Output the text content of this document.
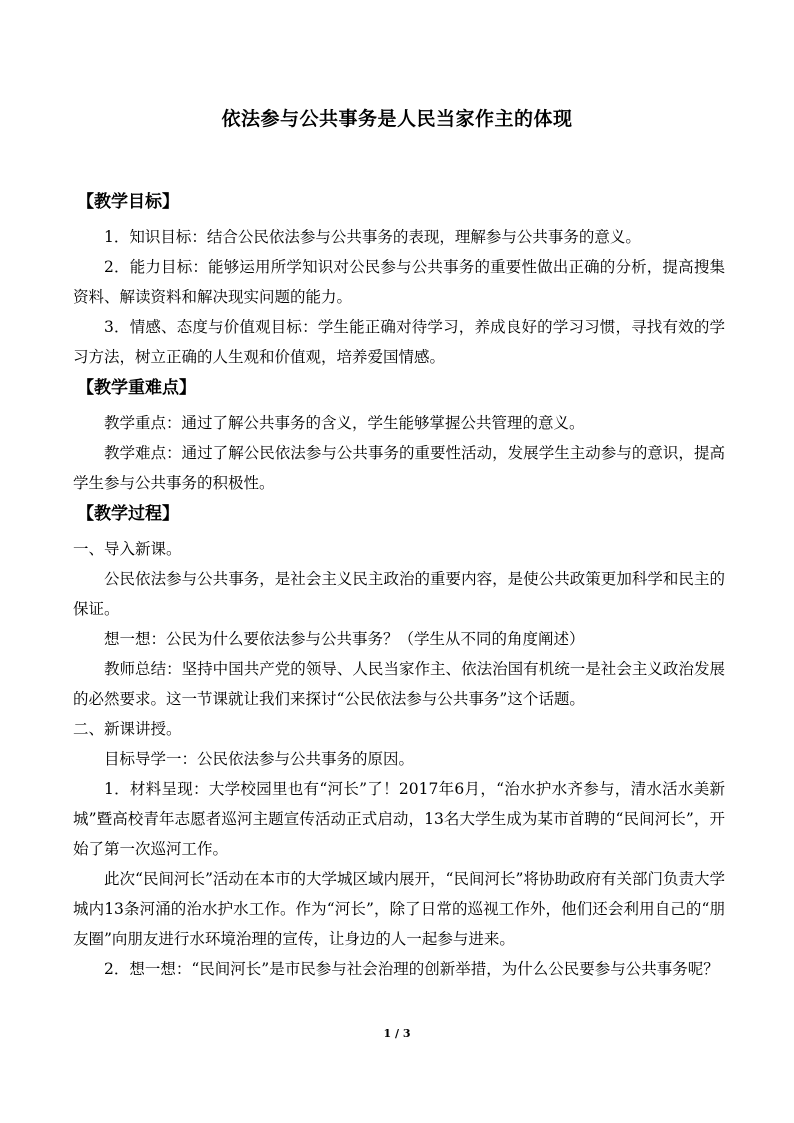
依法参与公共事务是人民当家作主的体现

【教学目标】

1．知识目标：结合公民依法参与公共事务的表现，理解参与公共事务的意义。

2．能力目标：能够运用所学知识对公民参与公共事务的重要性做出正确的分析，提高搜集资料、解读资料和解决现实问题的能力。

3．情感、态度与价值观目标：学生能正确对待学习，养成良好的学习习惯，寻找有效的学习方法，树立正确的人生观和价值观，培养爱国情感。

【教学重难点】

教学重点：通过了解公共事务的含义，学生能够掌握公共管理的意义。

教学难点：通过了解公民依法参与公共事务的重要性活动，发展学生主动参与的意识，提高学生参与公共事务的积极性。

【教学过程】

一、导入新课。

公民依法参与公共事务，是社会主义民主政治的重要内容，是使公共政策更加科学和民主的保证。

想一想：公民为什么要依法参与公共事务？（学生从不同的角度阐述）

教师总结：坚持中国共产党的领导、人民当家作主、依法治国有机统一是社会主义政治发展的必然要求。这一节课就让我们来探讨“公民依法参与公共事务”这个话题。

二、新课讲授。

目标导学一：公民依法参与公共事务的原因。

1．材料呈现：大学校园里也有“河长”了！2017年6月，“治水护水齐参与，清水活水美新城”暨高校青年志愿者巡河主题宣传活动正式启动，13名大学生成为某市首聘的“民间河长”，开始了第一次巡河工作。

此次“民间河长”活动在本市的大学城区域内展开，“民间河长”将协助政府有关部门负责大学城内13条河涌的治水护水工作。作为“河长”，除了日常的巡视工作外，他们还会利用自己的“朋友圈”向朋友进行水环境治理的宣传，让身边的人一起参与进来。

2．想一想：“民间河长”是市民参与社会治理的创新举措，为什么公民要参与公共事务呢？

1 / 3
